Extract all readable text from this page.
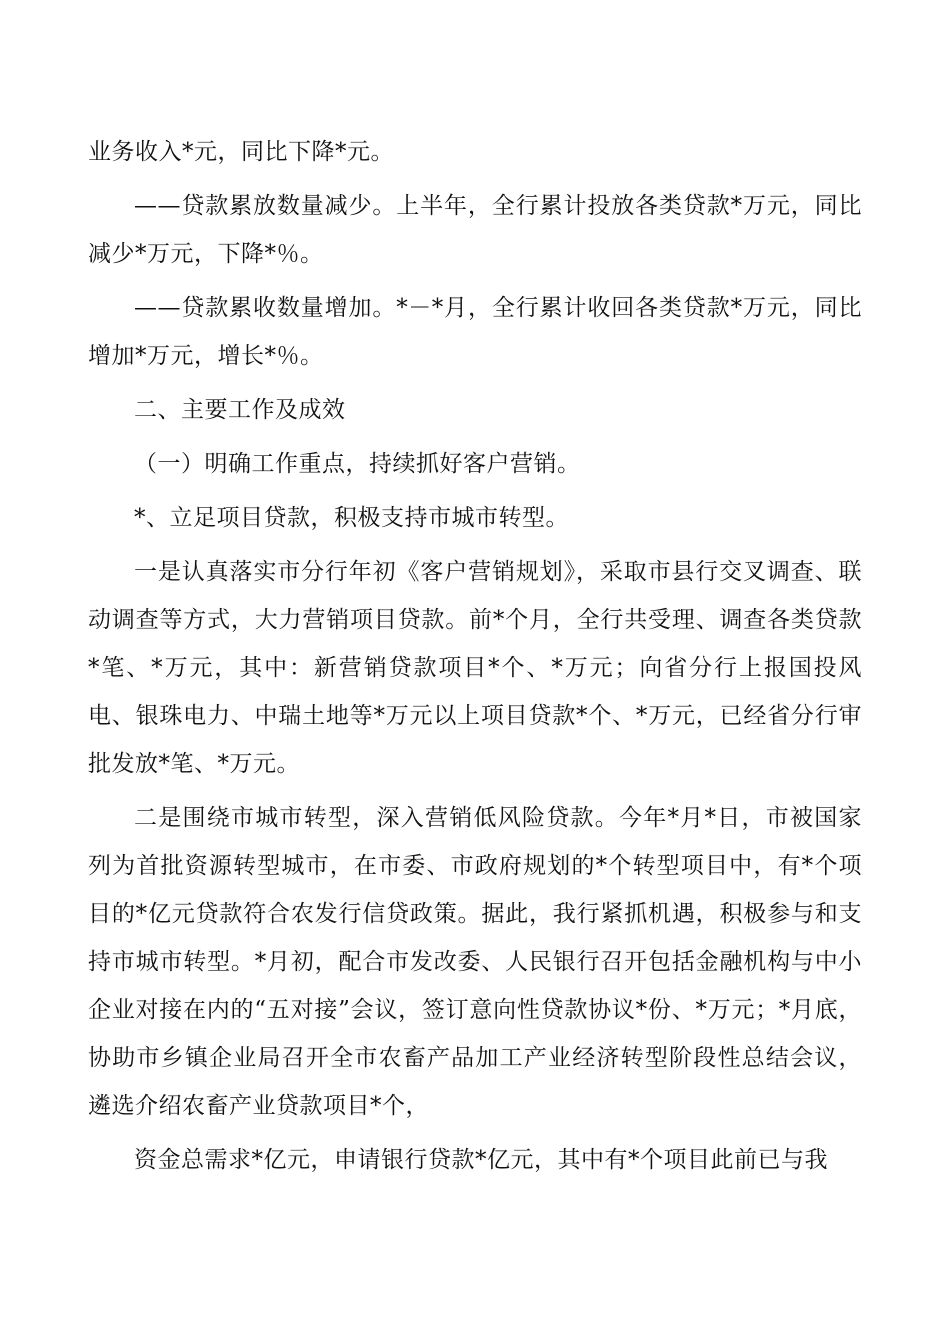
业务收入*元，同比下降*元。

——贷款累放数量减少。上半年，全行累计投放各类贷款*万元，同比减少*万元，下降*％。

——贷款累收数量增加。*－*月，全行累计收回各类贷款*万元，同比增加*万元，增长*％。

二、主要工作及成效

（一）明确工作重点，持续抓好客户营销。

*、立足项目贷款，积极支持市城市转型。

一是认真落实市分行年初《客户营销规划》，采取市县行交叉调查、联动调查等方式，大力营销项目贷款。前*个月，全行共受理、调查各类贷款*笔、*万元，其中：新营销贷款项目*个、*万元；向省分行上报国投风电、银珠电力、中瑞土地等*万元以上项目贷款*个、*万元，已经省分行审批发放*笔、*万元。

二是围绕市城市转型，深入营销低风险贷款。今年*月*日，市被国家列为首批资源转型城市，在市委、市政府规划的*个转型项目中，有*个项目的*亿元贷款符合农发行信贷政策。据此，我行紧抓机遇，积极参与和支持市城市转型。*月初，配合市发改委、人民银行召开包括金融机构与中小企业对接在内的“五对接”会议，签订意向性贷款协议*份、*万元；*月底，协助市乡镇企业局召开全市农畜产品加工产业经济转型阶段性总结会议，遴选介绍农畜产业贷款项目*个，

资金总需求*亿元，申请银行贷款*亿元，其中有*个项目此前已与我
